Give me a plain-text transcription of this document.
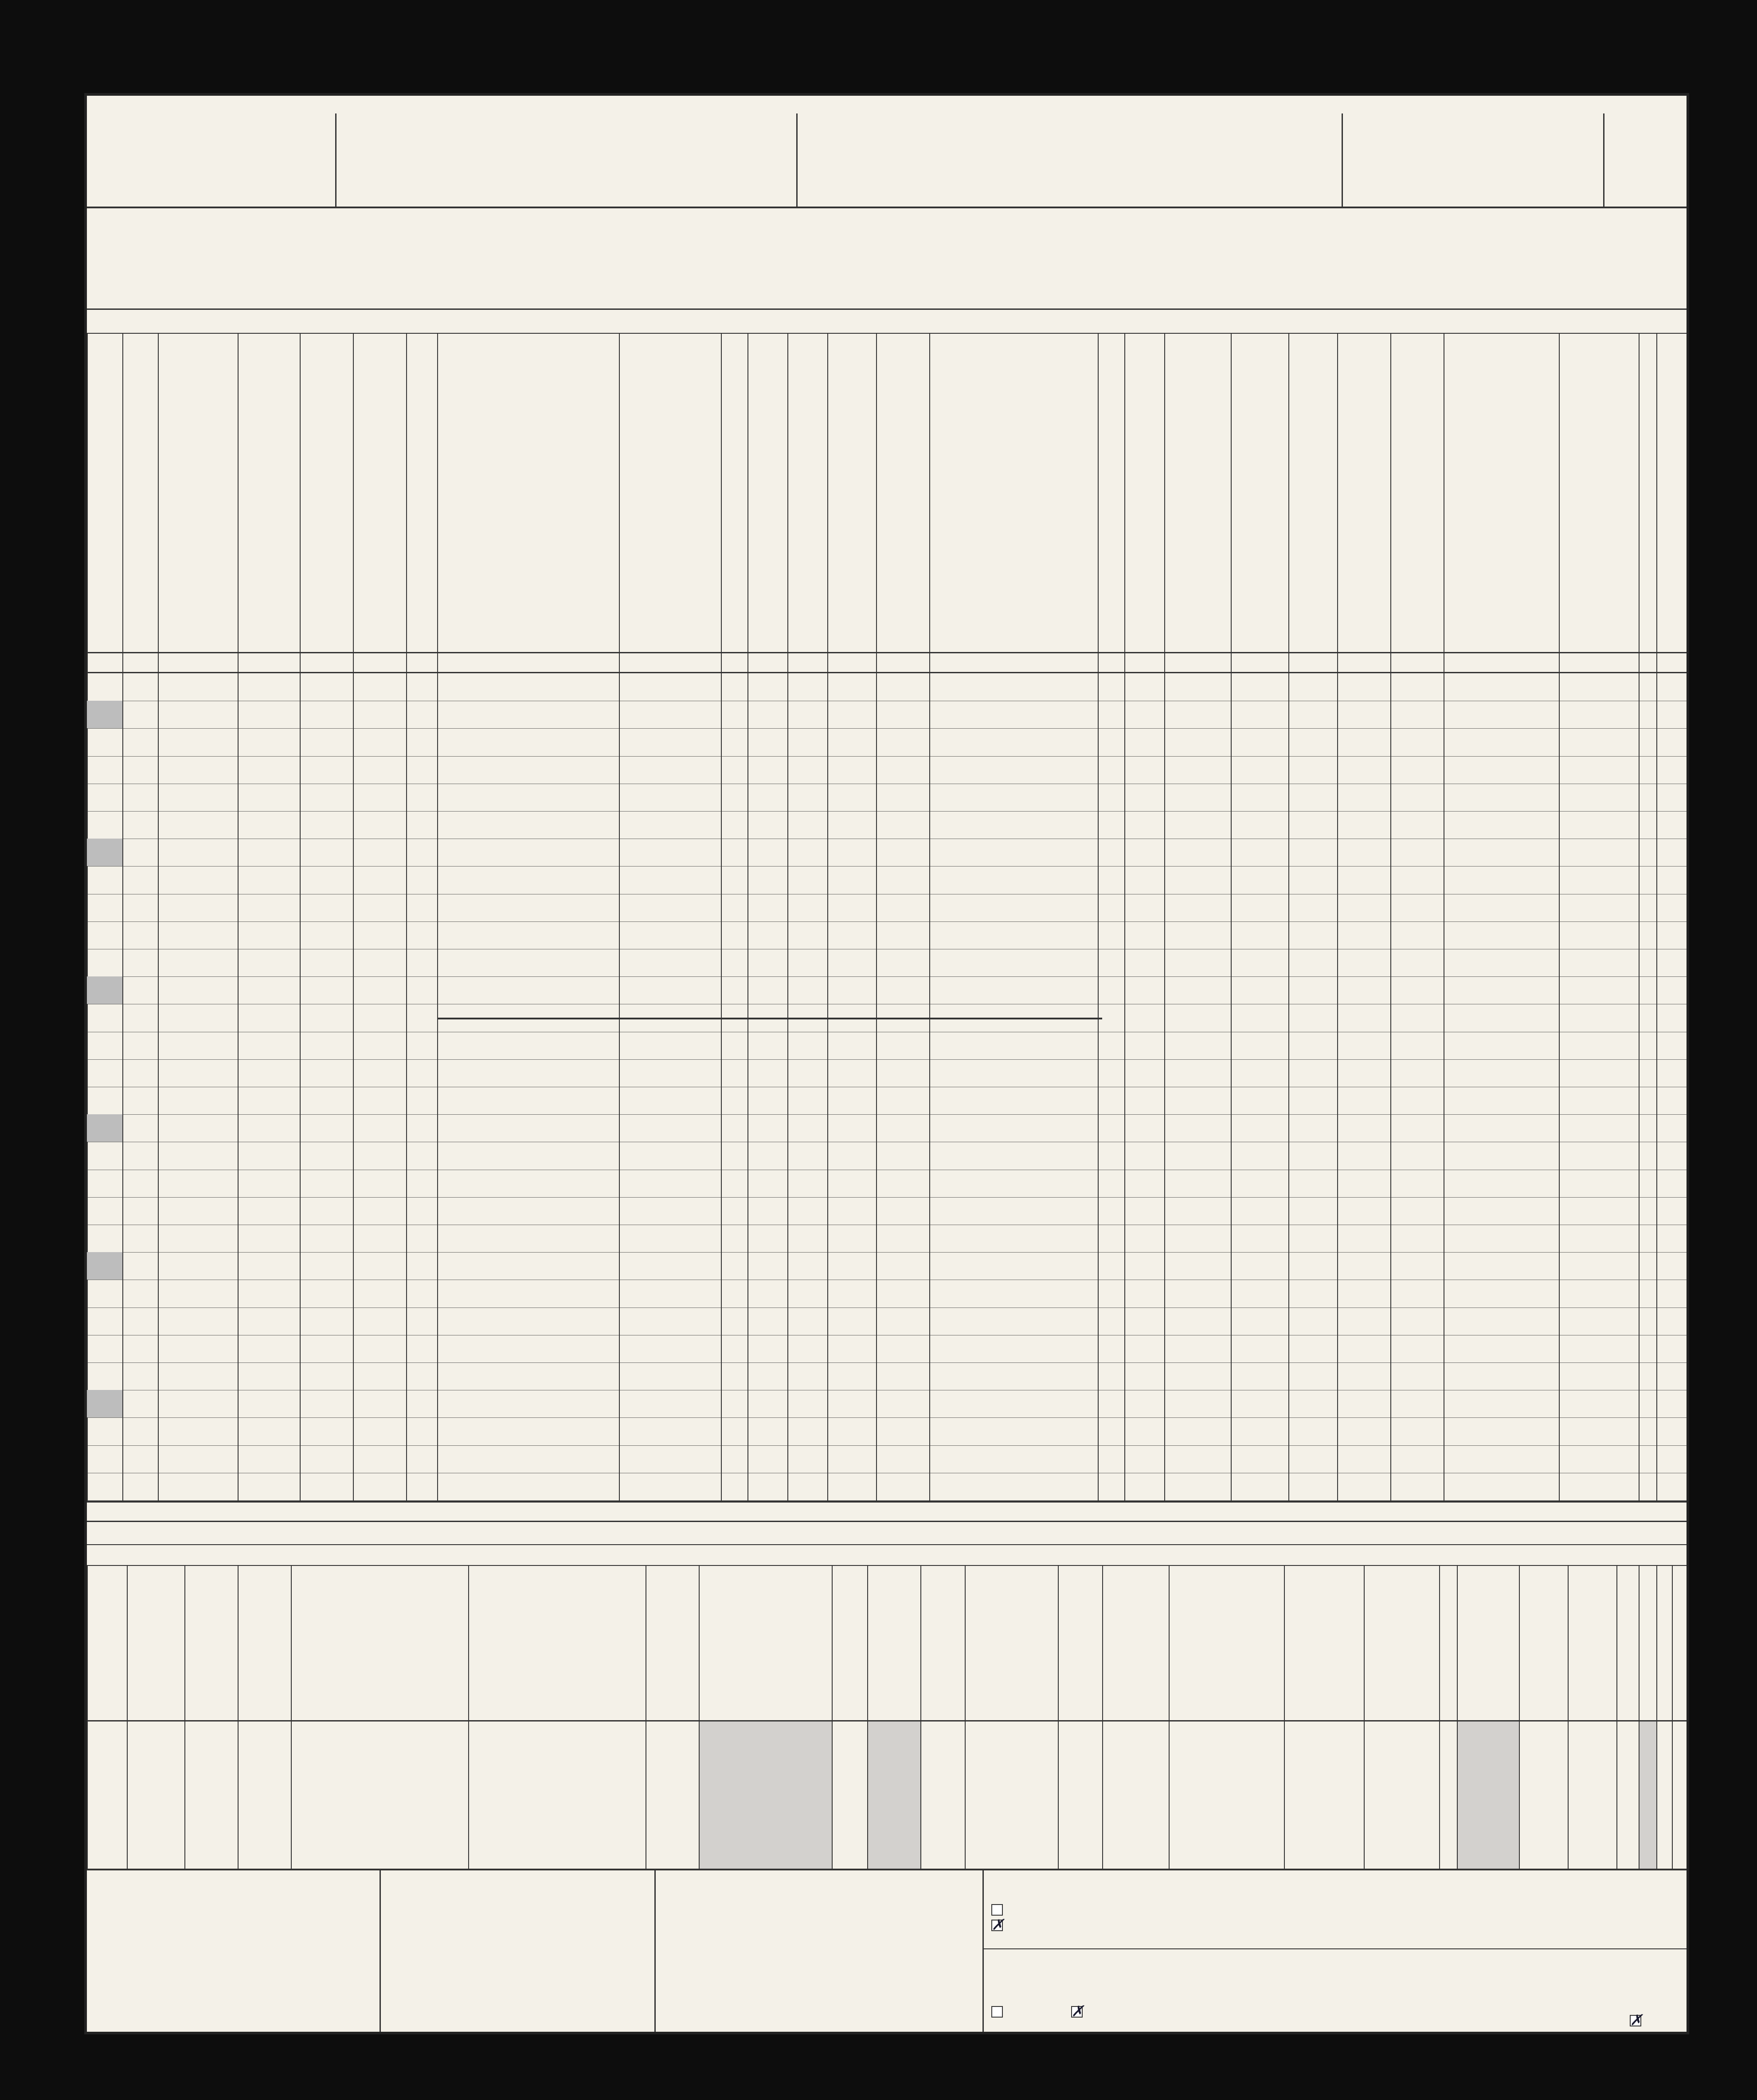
✗
✗	✗
